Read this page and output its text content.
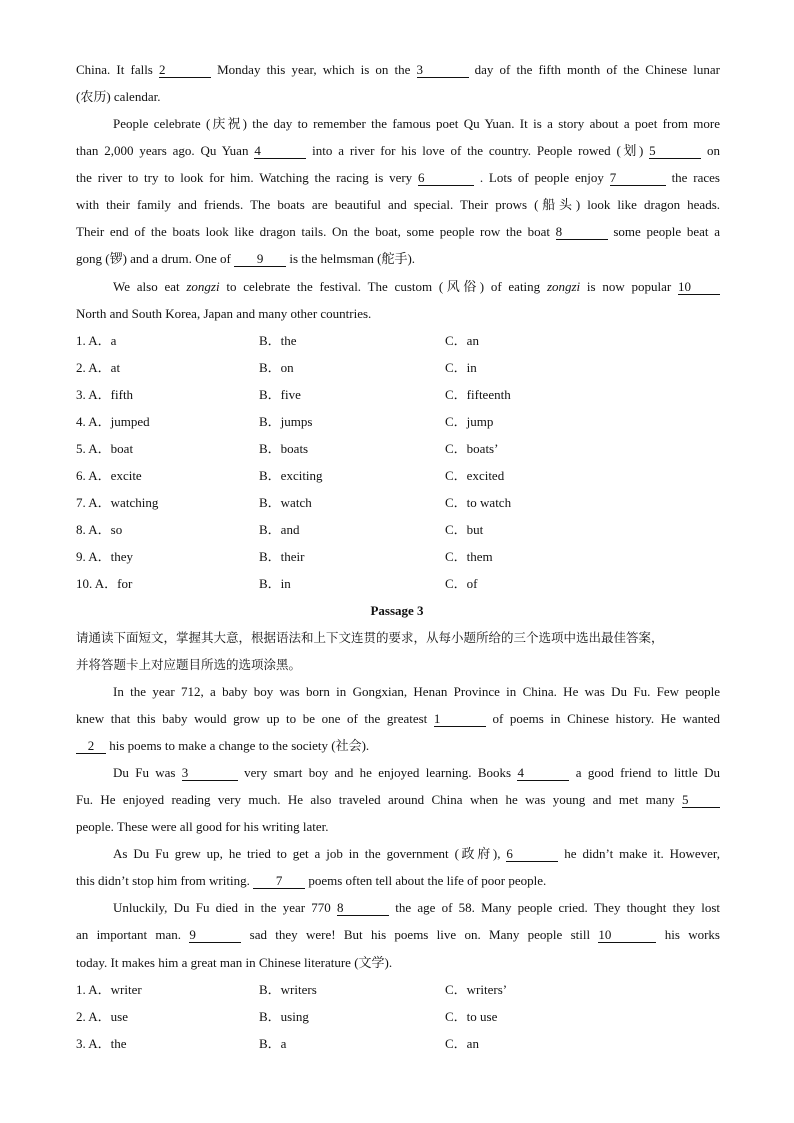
China. It falls 2	Monday this year, which is on the 3	day of the fifth month of the Chinese lunar
(农历) calendar.
People celebrate (庆祝) the day to remember the famous poet Qu Yuan. It is a story about a poet from more
than 2,000 years ago. Qu Yuan 4	into a river for his love of the country. People rowed (划) 5	on
the river to try to look for him. Watching the racing is very 6	. Lots of people enjoy 7	the races
with their family and friends. The boats are beautiful and special. Their prows (船头) look like dragon heads.
Their end of the boats look like dragon tails. On the boat, some people row the boat 8	some people beat a
gong (锣) and a drum. One of 9 is the helmsman (舵手).
We also eat zongzi to celebrate the festival. The custom (风俗) of eating zongzi is now popular 10
North and South Korea, Japan and many other countries.
1. A．a	B．the	C．an
2. A．at	B．on	C．in
3. A．fifth	B．five	C．fifteenth
4. A．jumped	B．jumps	C．jump
5. A．boat	B．boats	C．boats’
6. A．excite	B．exciting	C．excited
7. A．watching	B．watch	C．to watch
8. A．so	B．and	C．but
9. A．they	B．their	C．them
10. A．for	B．in	C．of
Passage 3
请通读下面短文，掌握其大意，根据语法和上下文连贯的要求，从每小题所给的三个选项中选出最佳答案，
并将答题卡上对应题目所选的选项涂黑。
In the year 712, a baby boy was born in Gongxian, Henan Province in China. He was Du Fu. Few people
knew that this baby would grow up to be one of the greatest 1	of poems in Chinese history. He wanted
2 his poems to make a change to the society (社会).
Du Fu was 3	very smart boy and he enjoyed learning. Books 4	a good friend to little Du
Fu. He enjoyed reading very much. He also traveled around China when he was young and met many 5
people. These were all good for his writing later.
As Du Fu grew up, he tried to get a job in the government (政府), 6	he didn’t make it. However,
this didn’t stop him from writing. 7 poems often tell about the life of poor people.
Unluckily, Du Fu died in the year 770 8	the age of 58. Many people cried. They thought they lost
an important man. 9	sad they were! But his poems live on. Many people still 10	his works
today. It makes him a great man in Chinese literature (文学).
1. A．writer	B．writers	C．writers’
2. A．use	B．using	C．to use
3. A．the	B．a	C．an
